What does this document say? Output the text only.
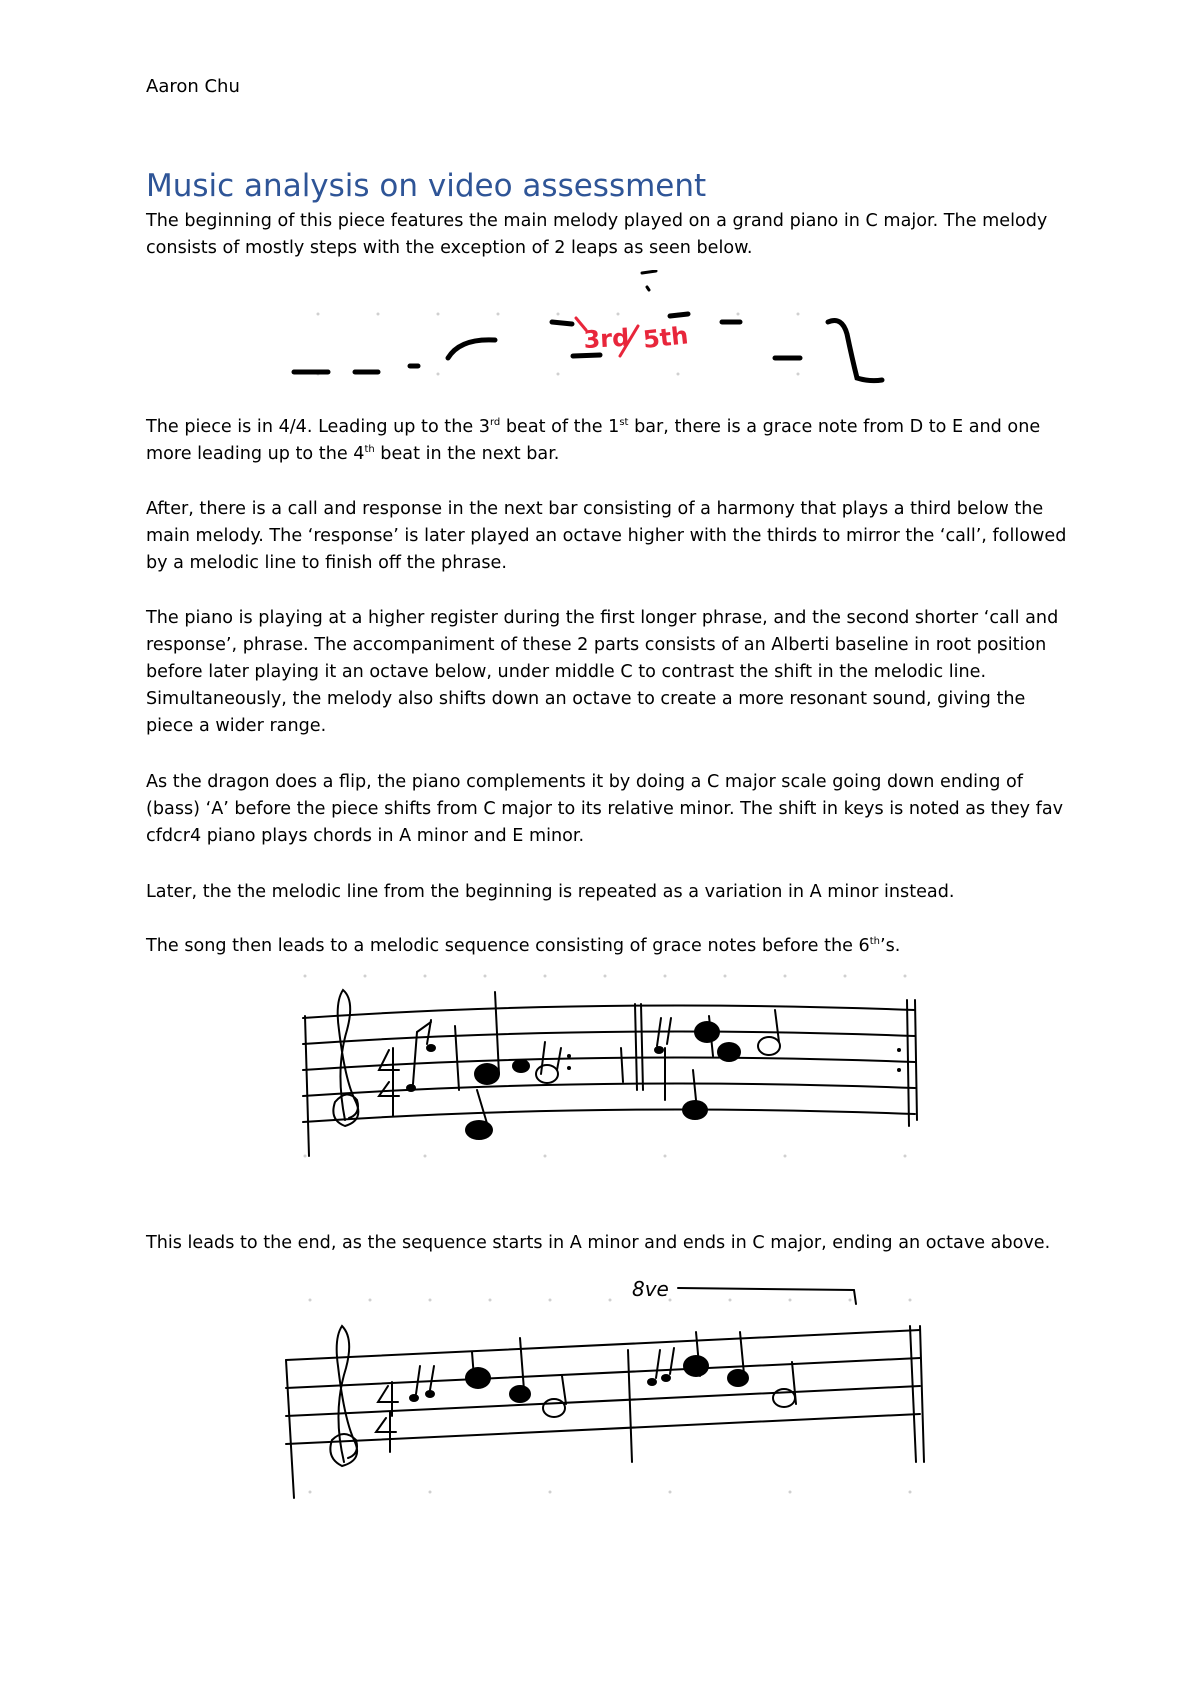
Aaron Chu
Music analysis on video assessment

The beginning of this piece features the main melody played on a grand piano in C major. The melody consists of mostly steps with the exception of 2 leaps as seen below.

3rd 5th

The piece is in 4/4. Leading up to the 3rd beat of the 1st bar, there is a grace note from D to E and one more leading up to the 4th beat in the next bar.

After, there is a call and response in the next bar consisting of a harmony that plays a third below the main melody. The ‘response’ is later played an octave higher with the thirds to mirror the ‘call’, followed by a melodic line to finish off the phrase.

The piano is playing at a higher register during the first longer phrase, and the second shorter ‘call and response’, phrase. The accompaniment of these 2 parts consists of an Alberti baseline in root position before later playing it an octave below, under middle C to contrast the shift in the melodic line. Simultaneously, the melody also shifts down an octave to create a more resonant sound, giving the piece a wider range.

As the dragon does a flip, the piano complements it by doing a C major scale going down ending of (bass) ‘A’ before the piece shifts from C major to its relative minor. The shift in keys is noted as they fav cfdcr4 piano plays chords in A minor and E minor.

Later, the the melodic line from the beginning is repeated as a variation in A minor instead.

The song then leads to a melodic sequence consisting of grace notes before the 6th’s.

This leads to the end, as the sequence starts in A minor and ends in C major, ending an octave above.

8ve
